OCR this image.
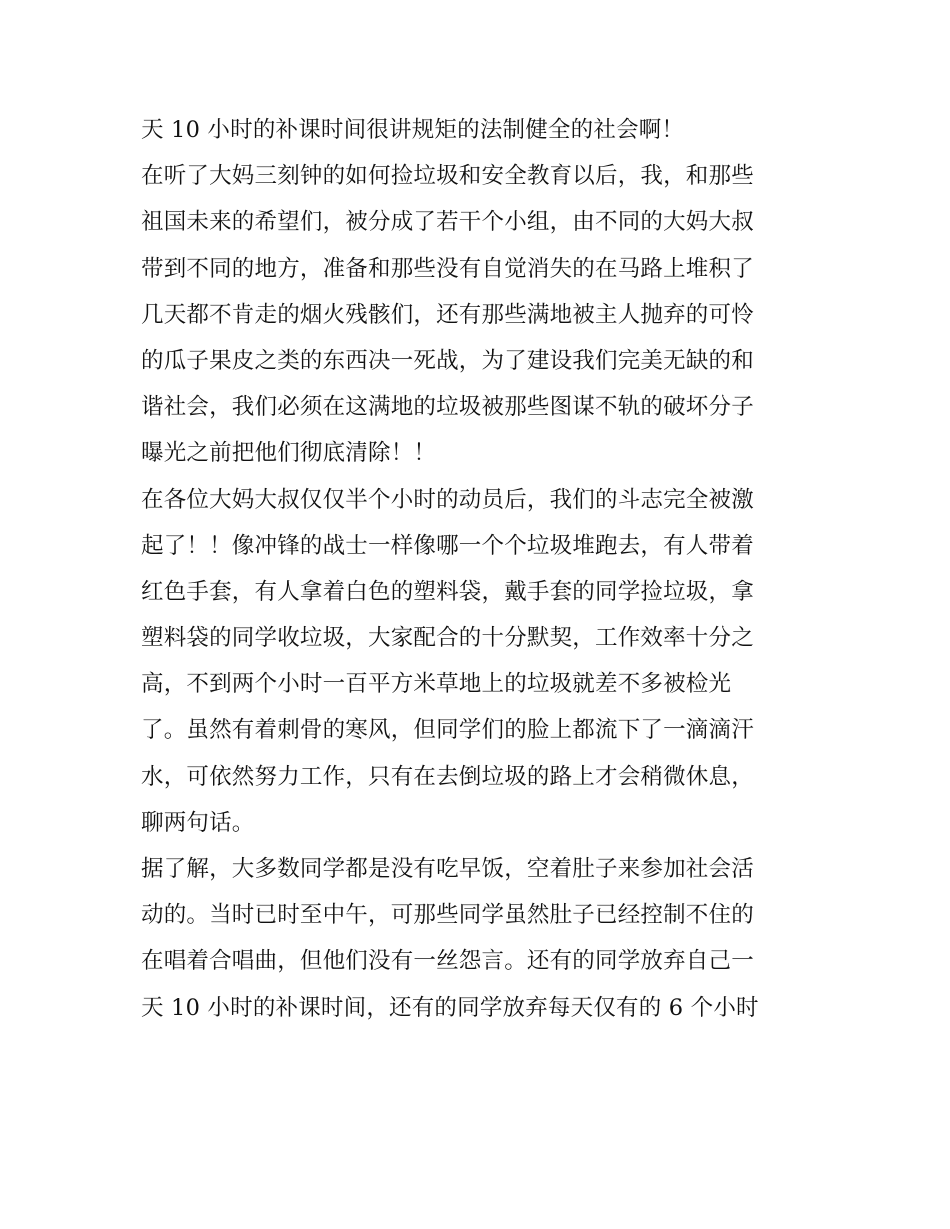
天 10 小时的补课时间很讲规矩的法制健全的社会啊！
在听了大妈三刻钟的如何捡垃圾和安全教育以后，我，和那些
祖国未来的希望们，被分成了若干个小组，由不同的大妈大叔
带到不同的地方，准备和那些没有自觉消失的在马路上堆积了
几天都不肯走的烟火残骸们，还有那些满地被主人抛弃的可怜
的瓜子果皮之类的东西决一死战，为了建设我们完美无缺的和
谐社会，我们必须在这满地的垃圾被那些图谋不轨的破坏分子
曝光之前把他们彻底清除！！
在各位大妈大叔仅仅半个小时的动员后，我们的斗志完全被激
起了！！像冲锋的战士一样像哪一个个垃圾堆跑去，有人带着
红色手套，有人拿着白色的塑料袋，戴手套的同学捡垃圾，拿
塑料袋的同学收垃圾，大家配合的十分默契，工作效率十分之
高，不到两个小时一百平方米草地上的垃圾就差不多被检光
了。虽然有着刺骨的寒风，但同学们的脸上都流下了一滴滴汗
水，可依然努力工作，只有在去倒垃圾的路上才会稍微休息，
聊两句话。
据了解，大多数同学都是没有吃早饭，空着肚子来参加社会活
动的。当时已时至中午，可那些同学虽然肚子已经控制不住的
在唱着合唱曲，但他们没有一丝怨言。还有的同学放弃自己一
天 10 小时的补课时间，还有的同学放弃每天仅有的 6 个小时
